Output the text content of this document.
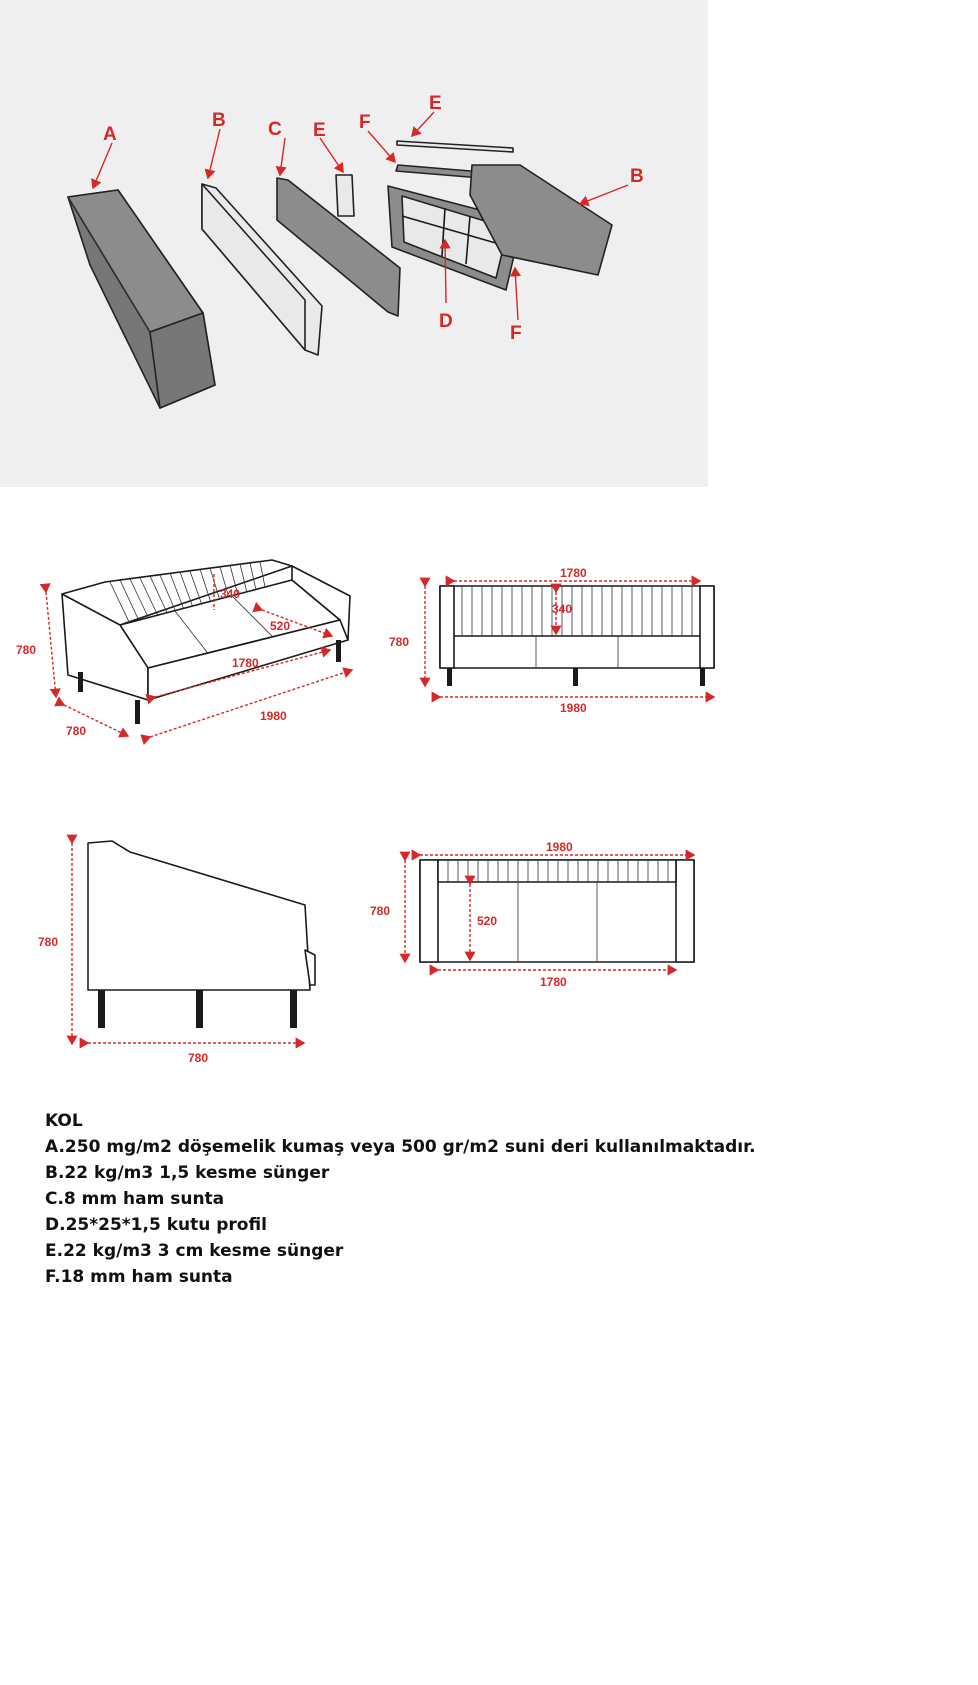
A
B C E
E
F
B
D
F
780
340
520
1780
780
1980
1780
340
780
1980
780
780
1980
780
520
1780
KOL
A.250 mg/m2 döşemelik kumaş veya 500 gr/m2 suni deri kullanılmaktadır.
B.22 kg/m3 1,5 kesme sünger
C.8 mm ham sunta
D.25*25*1,5 kutu profil
E.22 kg/m3 3 cm kesme sünger
F.18 mm ham sunta
